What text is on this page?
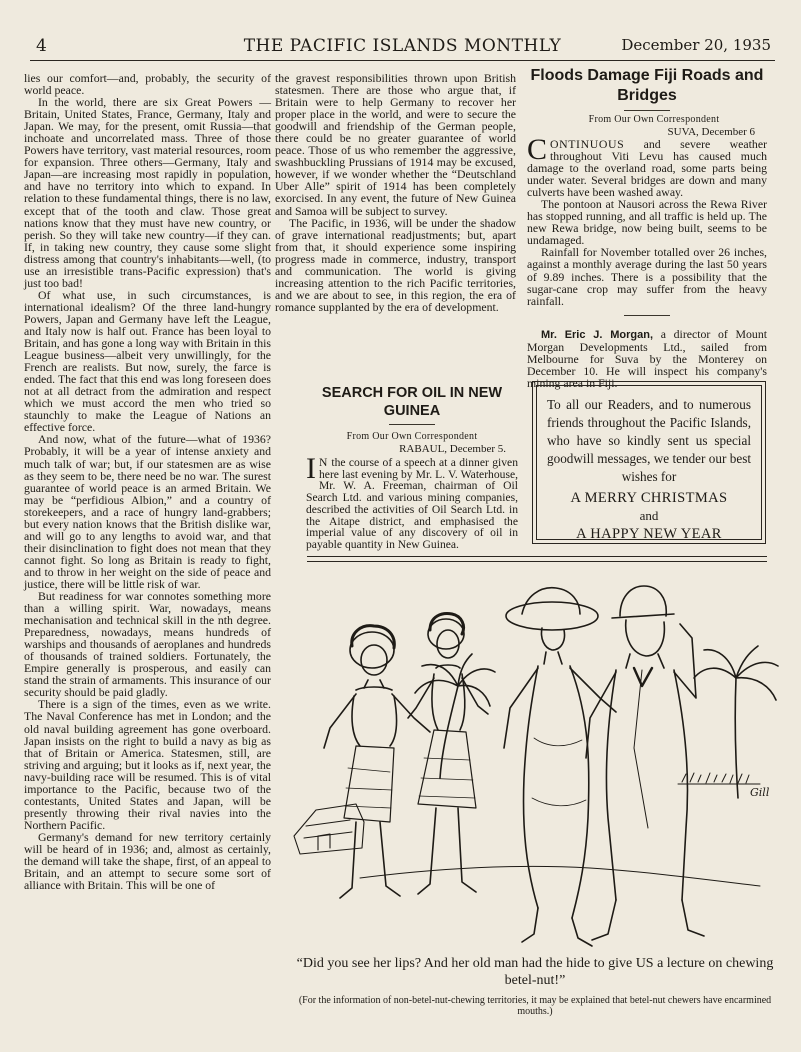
4	THE PACIFIC ISLANDS MONTHLY	December 20, 1935

lies our comfort—and, probably, the security of world peace.

In the world, there are six Great Powers —Britain, United States, France, Germany, Italy and Japan. We may, for the present, omit Russia—that inchoate and uncorrelated mass. Three of those Powers have territory, vast material resources, room for expansion. Three others—Germany, Italy and Japan—are increasing most rapidly in population, and have no territory into which to expand. In relation to these fundamental things, there is no law, except that of the tooth and claw. Those great nations know that they must have new country, or perish. So they will take new country—if they can. If, in taking new country, they cause some slight distress among that country's inhabitants—well, (to use an irresistible trans-Pacific expression) that's just too bad!

Of what use, in such circumstances, is international idealism? Of the three land-hungry Powers, Japan and Germany have left the League, and Italy now is half out. France has been loyal to Britain, and has gone a long way with Britain in this League business—albeit very unwillingly, for the French are realists. But now, surely, the farce is ended. The fact that this end was long foreseen does not at all detract from the admiration and respect which we must accord the men who tried so staunchly to make the League of Nations an effective force.

And now, what of the future—what of 1936? Probably, it will be a year of intense anxiety and much talk of war; but, if our statesmen are as wise as they seem to be, there need be no war. The surest guarantee of world peace is an armed Britain. We may be “perfidious Albion,” and a country of storekeepers, and a race of hungry land-grabbers; but every nation knows that the British dislike war, and will go to any lengths to avoid war, and that their disinclination to fight does not mean that they cannot fight. So long as Britain is ready to fight, and to throw in her weight on the side of peace and justice, there will be little risk of war.

But readiness for war connotes something more than a willing spirit. War, nowadays, means mechanisation and technical skill in the nth degree. Preparedness, nowadays, means hundreds of warships and thousands of aeroplanes and hundreds of thousands of trained soldiers. Fortunately, the Empire generally is prosperous, and easily can stand the strain of armaments. This insurance of our security should be paid gladly.

There is a sign of the times, even as we write. The Naval Conference has met in London; and the old naval building agreement has gone overboard. Japan insists on the right to build a navy as big as that of Britain or America. Statesmen, still, are striving and arguing; but it looks as if, next year, the navy-building race will be resumed. This is of vital importance to the Pacific, because two of the contestants, United States and Japan, will be presently throwing their rival navies into the Northern Pacific.

Germany's demand for new territory certainly will be heard of in 1936; and, almost as certainly, the demand will take the shape, first, of an appeal to Britain, and an attempt to secure some sort of alliance with Britain. This will be one of

the gravest responsibilities thrown upon British statesmen. There are those who argue that, if Britain were to help Germany to recover her proper place in the world, and were to secure the goodwill and friendship of the German people, there could be no greater guarantee of world peace. Those of us who remember the aggressive, swashbuckling Prussians of 1914 may be excused, however, if we wonder whether the “Deutschland Uber Alle” spirit of 1914 has been completely exorcised. In any event, the future of New Guinea and Samoa will be subject to survey.

The Pacific, in 1936, will be under the shadow of grave international readjustments; but, apart from that, it should experience some inspiring progress made in commerce, industry, transport and communication. The world is giving increasing attention to the rich Pacific territories, and we are about to see, in this region, the era of romance supplanted by the era of development.

SEARCH FOR OIL IN NEW GUINEA

From Our Own Correspondent

RABAUL, December 5.

I N the course of a speech at a dinner given here last evening by Mr. L. V. Waterhouse, Mr. W. A. Freeman, chairman of Oil Search Ltd. and various mining companies, described the activities of Oil Search Ltd. in the Aitape district, and emphasised the imperial value of any discovery of oil in payable quantity in New Guinea.

Floods Damage Fiji Roads and Bridges

From Our Own Correspondent

SUVA, December 6

CONTINUOUS and severe weather throughout Viti Levu has caused much damage to the overland road, some parts being under water. Several bridges are down and many culverts have been washed away.

The pontoon at Nausori across the Rewa River has stopped running, and all traffic is held up. The new Rewa bridge, now being built, seems to be undamaged.

Rainfall for November totalled over 26 inches, against a monthly average during the last 50 years of 9.89 inches. There is a possibility that the sugar-cane crop may suffer from the heavy rainfall.

Mr. Eric J. Morgan, a director of Mount Morgan Developments Ltd., sailed from Melbourne for Suva by the Monterey on December 10. He will inspect his company's mining area in Fiji.

To all our Readers, and to numerous friends throughout the Pacific Islands, who have so kindly sent us special goodwill messages, we tender our best wishes for
A MERRY CHRISTMAS
and
A HAPPY NEW YEAR
Gill
“Did you see her lips? And her old man had the hide to give US a lecture on chewing betel-nut!”
(For the information of non-betel-nut-chewing territories, it may be explained that betel-nut chewers have encarmined mouths.)
